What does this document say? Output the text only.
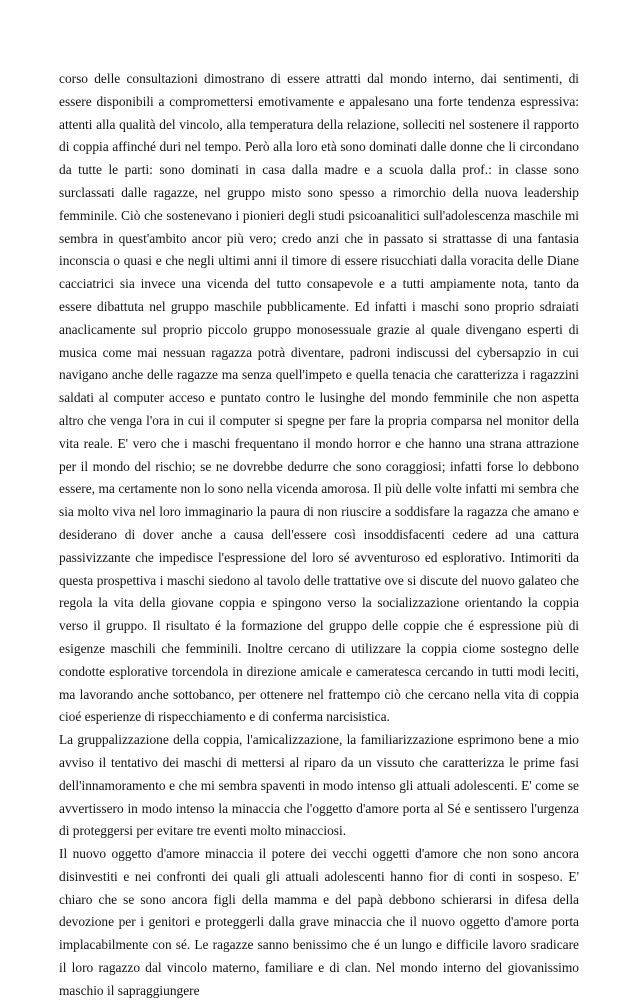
corso delle consultazioni dimostrano di essere attratti dal mondo interno, dai sentimenti, di essere disponibili a compromettersi emotivamente e appalesano una forte tendenza espressiva: attenti alla qualità del vincolo, alla temperatura della relazione, solleciti nel sostenere il rapporto di coppia affinché duri nel tempo. Però alla loro età sono dominati dalle donne che li circondano da tutte le parti: sono dominati in casa dalla madre e a scuola dalla prof.: in classe sono surclassati dalle ragazze, nel gruppo misto sono spesso a rimorchio della nuova leadership femminile. Ciò che sostenevano i pionieri degli studi psicoanalitici sull'adolescenza maschile mi sembra in quest'ambito ancor più vero; credo anzi che in passato si strattasse di una fantasia inconscia o quasi e che negli ultimi anni il timore di essere risucchiati dalla voracita delle Diane cacciatrici sia invece una vicenda del tutto consapevole e a tutti ampiamente nota, tanto da essere dibattuta nel gruppo maschile pubblicamente. Ed infatti i maschi sono proprio sdraiati anaclicamente sul proprio piccolo gruppo monosessuale grazie al quale divengano esperti di musica come mai nessuan ragazza potrà diventare, padroni indiscussi del cybersapzio in cui navigano anche delle ragazze ma senza quell'impeto e quella tenacia che caratterizza i ragazzini saldati al computer acceso e puntato contro le lusinghe del mondo femminile che non aspetta altro che venga l'ora in cui il computer si spegne per fare la propria comparsa nel monitor della vita reale. E' vero che i maschi frequentano il mondo horror e che hanno una strana attrazione per il mondo del rischio; se ne dovrebbe dedurre che sono coraggiosi; infatti forse lo debbono essere, ma certamente non lo sono nella vicenda amorosa. Il più delle volte infatti mi sembra che sia molto viva nel loro immaginario la paura di non riuscire a soddisfare la ragazza che amano e desiderano di dover anche a causa dell'essere così insoddisfacenti cedere ad una cattura passivizzante che impedisce l'espressione del loro sé avventuroso ed esplorativo. Intimoriti da questa prospettiva i maschi siedono al tavolo delle trattative ove si discute del nuovo galateo che regola la vita della giovane coppia e spingono verso la socializzazione orientando la coppia verso il gruppo. Il risultato é la formazione del gruppo delle coppie che é espressione più di esigenze maschili che femminili. Inoltre cercano di utilizzare la coppia ciome sostegno delle condotte esplorative torcendola in direzione amicale e cameratesca cercando in tutti modi leciti, ma lavorando anche sottobanco, per ottenere nel frattempo ciò che cercano nella vita di coppia cioé esperienze di rispecchiamento e di conferma narcisistica.

La gruppalizzazione della coppia, l'amicalizzazione, la familiarizzazione esprimono bene a mio avviso il tentativo dei maschi di mettersi al riparo da un vissuto che caratterizza le prime fasi dell'innamoramento e che mi sembra spaventi in modo intenso gli attuali adolescenti. E' come se avvertissero in modo intenso la minaccia che l'oggetto d'amore porta al Sé e sentissero l'urgenza di proteggersi per evitare tre eventi molto minacciosi.

Il nuovo oggetto d'amore minaccia il potere dei vecchi oggetti d'amore che non sono ancora disinvestiti e nei confronti dei quali gli attuali adolescenti hanno fior di conti in sospeso. E' chiaro che se sono ancora figli della mamma e del papà debbono schierarsi in difesa della devozione per i genitori e proteggerli dalla grave minaccia che il nuovo oggetto d'amore porta implacabilmente con sé. Le ragazze sanno benissimo che é un lungo e difficile lavoro sradicare il loro ragazzo dal vincolo materno, familiare e di clan. Nel mondo interno del giovanissimo maschio il sapraggiungere
